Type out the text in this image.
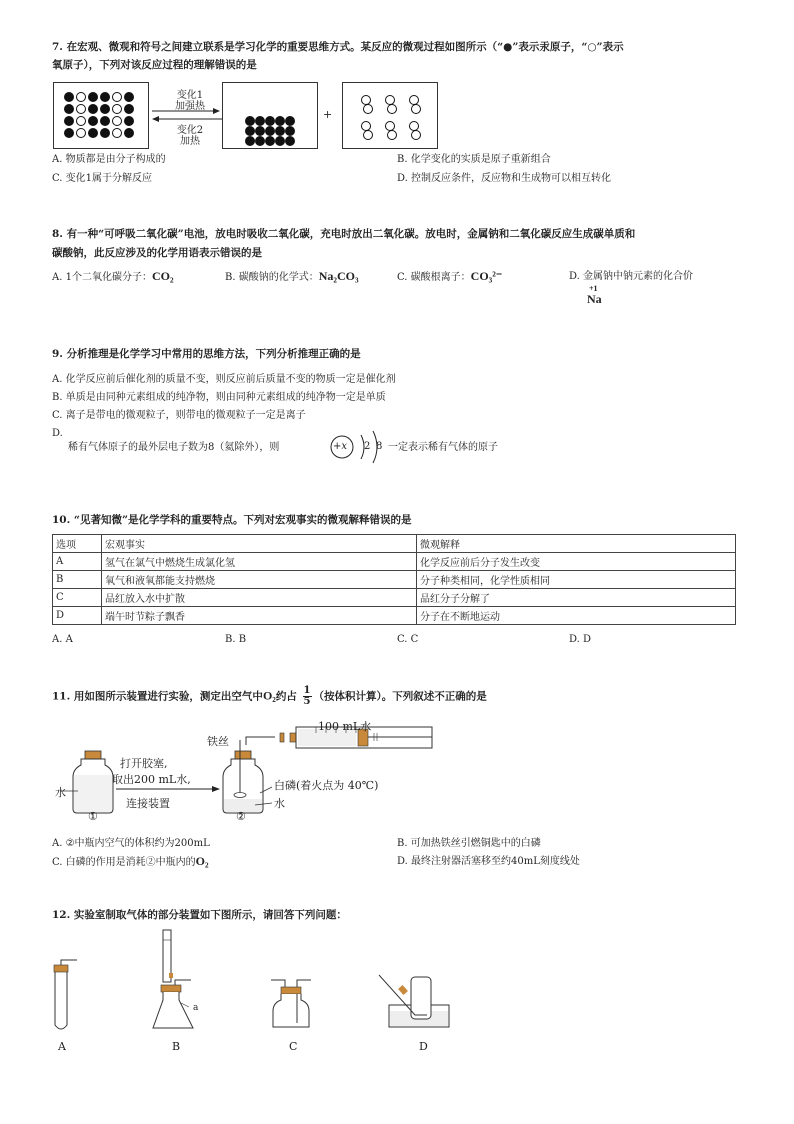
7. 在宏观、微观和符号之间建立联系是学习化学的重要思维方式。某反应的微观过程如图所示（“●”表示汞原子，“○”表示
氧原子），下列对该反应过程的理解错误的是
变化1
加强热
变化2
加热
+
A. 物质都是由分子构成的	B. 化学变化的实质是原子重新组合
C. 变化1属于分解反应	D. 控制反应条件，反应物和生成物可以相互转化
8. 有一种“可呼吸二氧化碳”电池，放电时吸收二氧化碳，充电时放出二氧化碳。放电时，金属钠和二氧化碳反应生成碳单质和
碳酸钠，此反应涉及的化学用语表示错误的是
A. 1个二氧化碳分子：CO₂	B. 碳酸钠的化学式：Na₂CO₃	C. 碳酸根离子：CO₃²⁻	D. 金属钠中钠元素的化合价
+1
Na
9. 分析推理是化学学习中常用的思维方法，下列分析推理正确的是
A. 化学反应前后催化剂的质量不变，则反应前后质量不变的物质一定是催化剂
B. 单质是由同种元素组成的纯净物，则由同种元素组成的纯净物一定是单质
C. 离子是带电的微观粒子，则带电的微观粒子一定是离子
D.
稀有气体原子的最外层电子数为8（氦除外），则	+x 2 8 一定表示稀有气体的原子
10. “见著知微”是化学学科的重要特点。下列对宏观事实的微观解释错误的是
选项	宏观事实	微观解释
A	氢气在氯气中燃烧生成氯化氢	化学反应前后分子发生改变
B	氧气和液氧都能支持燃烧	分子种类相同，化学性质相同
C	品红放入水中扩散	品红分子分解了
D	端午时节粽子飘香	分子在不断地运动
A. A	B. B	C. C	D. D
11. 用如图所示装置进行实验，测定出空气中O₂约占 $\frac{1}{5}$ （按体积计算）。下列叙述不正确的是
水
打开胶塞,
取出200 mL水,
连接装置
铁丝
100 mL水
白磷(着火点为 40℃)
水
①	②
A. ②中瓶内空气的体积约为200mL	B. 可加热铁丝引燃铜匙中的白磷
C. 白磷的作用是消耗②中瓶内的O₂	D. 最终注射器活塞移至约40mL刻度线处
12. 实验室制取气体的部分装置如下图所示，请回答下列问题：
A	B
a
C	D
